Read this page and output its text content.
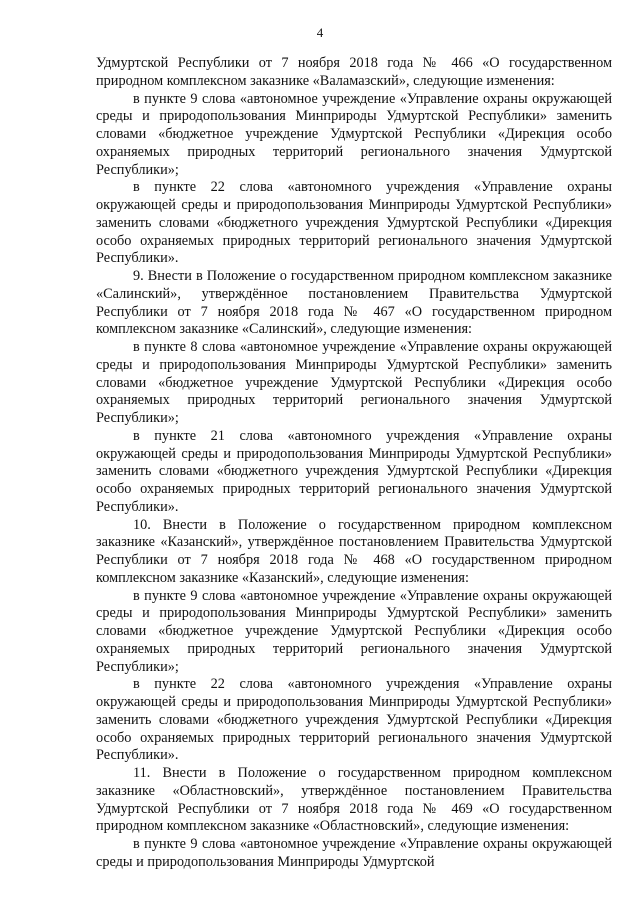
4

Удмуртской Республики от 7 ноября 2018 года № 466 «О государственном природном комплексном заказнике «Валамазский», следующие изменения:

в пункте 9 слова «автономное учреждение «Управление охраны окружающей среды и природопользования Минприроды Удмуртской Республики» заменить словами «бюджетное учреждение Удмуртской Республики «Дирекция особо охраняемых природных территорий регионального значения Удмуртской Республики»;

в пункте 22 слова «автономного учреждения «Управление охраны окружающей среды и природопользования Минприроды Удмуртской Республики» заменить словами «бюджетного учреждения Удмуртской Республики «Дирекция особо охраняемых природных территорий регионального значения Удмуртской Республики».

9. Внести в Положение о государственном природном комплексном заказнике «Салинский», утверждённое постановлением Правительства Удмуртской Республики от 7 ноября 2018 года № 467 «О государственном природном комплексном заказнике «Салинский», следующие изменения:

в пункте 8 слова «автономное учреждение «Управление охраны окружающей среды и природопользования Минприроды Удмуртской Республики» заменить словами «бюджетное учреждение Удмуртской Республики «Дирекция особо охраняемых природных территорий регионального значения Удмуртской Республики»;

в пункте 21 слова «автономного учреждения «Управление охраны окружающей среды и природопользования Минприроды Удмуртской Республики» заменить словами «бюджетного учреждения Удмуртской Республики «Дирекция особо охраняемых природных территорий регионального значения Удмуртской Республики».

10. Внести в Положение о государственном природном комплексном заказнике «Казанский», утверждённое постановлением Правительства Удмуртской Республики от 7 ноября 2018 года № 468 «О государственном природном комплексном заказнике «Казанский», следующие изменения:

в пункте 9 слова «автономное учреждение «Управление охраны окружающей среды и природопользования Минприроды Удмуртской Республики» заменить словами «бюджетное учреждение Удмуртской Республики «Дирекция особо охраняемых природных территорий регионального значения Удмуртской Республики»;

в пункте 22 слова «автономного учреждения «Управление охраны окружающей среды и природопользования Минприроды Удмуртской Республики» заменить словами «бюджетного учреждения Удмуртской Республики «Дирекция особо охраняемых природных территорий регионального значения Удмуртской Республики».

11. Внести в Положение о государственном природном комплексном заказнике «Областновский», утверждённое постановлением Правительства Удмуртской Республики от 7 ноября 2018 года № 469 «О государственном природном комплексном заказнике «Областновский», следующие изменения:

в пункте 9 слова «автономное учреждение «Управление охраны окружающей среды и природопользования Минприроды Удмуртской
